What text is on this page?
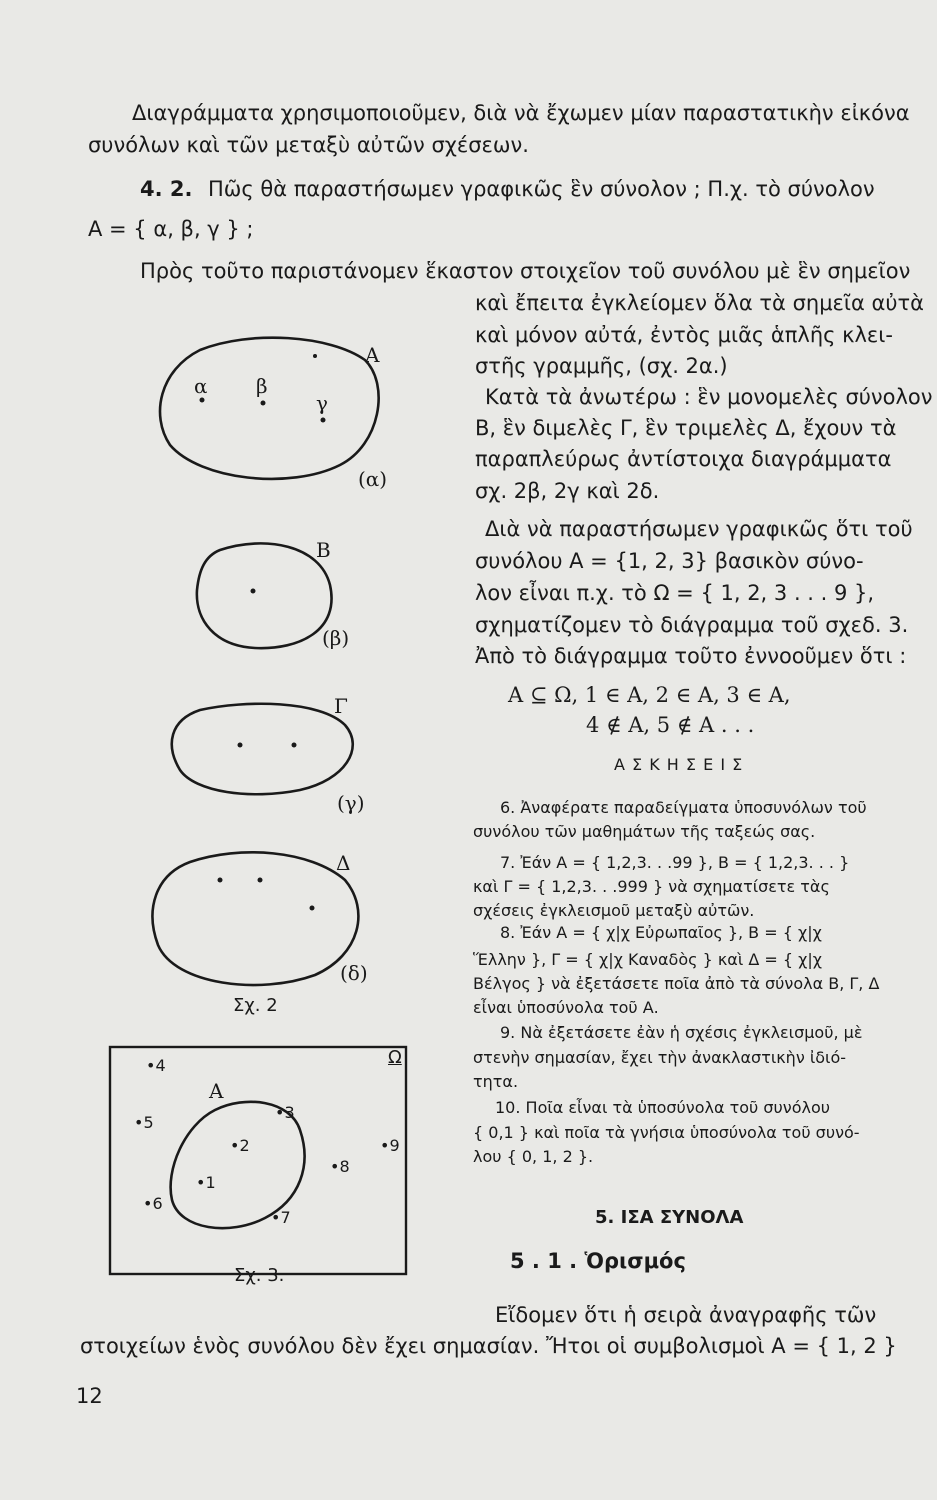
Διαγράμματα χρησιμοποιοῦμεν, διὰ νὰ ἔχωμεν μίαν παραστατικὴν εἰκόνα
συνόλων καὶ τῶν μεταξὺ αὐτῶν σχέσεων.
4. 2. Πῶς θὰ παραστήσωμεν γραφικῶς ἓν σύνολον ; Π.χ. τὸ σύνολον
Α = { α, β, γ } ;
Πρὸς τοῦτο παριστάνομεν ἕκαστον στοιχεῖον τοῦ συνόλου μὲ ἓν σημεῖον
καὶ ἔπειτα ἐγκλείομεν ὅλα τὰ σημεῖα αὐτὰ
καὶ μόνον αὐτά, ἐντὸς μιᾶς ἁπλῆς κλει-
στῆς γραμμῆς, (σχ. 2α.)
Κατὰ τὰ ἀνωτέρω : ἓν μονομελὲς σύνολον
Β, ἓν διμελὲς Γ, ἓν τριμελὲς Δ, ἔχουν τὰ
παραπλεύρως ἀντίστοιχα διαγράμματα
σχ. 2β, 2γ καὶ 2δ.
Διὰ νὰ παραστήσωμεν γραφικῶς ὅτι τοῦ
συνόλου Α = {1, 2, 3} βασικὸν σύνο-
λον εἶναι π.χ. τὸ Ω = { 1, 2, 3 . . . 9 },
σχηματίζομεν τὸ διάγραμμα τοῦ σχεδ. 3.
Ἀπὸ τὸ διάγραμμα τοῦτο ἐννοοῦμεν ὅτι :
Α ⊆ Ω, 1 ∈ Α, 2 ∈ Α, 3 ∈ Α,
4 ∉ Α, 5 ∉ Α . . .
Α Σ Κ Η Σ Ε Ι Σ
6. Ἀναφέρατε παραδείγματα ὑποσυνόλων τοῦ
συνόλου τῶν μαθημάτων τῆς ταξεώς σας.
7. Ἐάν Α = { 1,2,3. . .99 }, Β = { 1,2,3. . . }
καὶ Γ = { 1,2,3. . .999 } νὰ σχηματίσετε τὰς
σχέσεις ἐγκλεισμοῦ μεταξὺ αὐτῶν.
8. Ἐάν Α = { χ|χ Εὐρωπαῖος }, Β = { χ|χ
Ἕλλην }, Γ = { χ|χ Καναδὸς } καὶ Δ = { χ|χ
Βέλγος } νὰ ἐξετάσετε ποῖα ἀπὸ τὰ σύνολα Β, Γ, Δ
εἶναι ὑποσύνολα τοῦ Α.
9. Νὰ ἐξετάσετε ἐὰν ἡ σχέσις ἐγκλεισμοῦ, μὲ
στενὴν σημασίαν, ἔχει τὴν ἀνακλαστικὴν ἰδιό-
τητα.
10. Ποῖα εἶναι τὰ ὑποσύνολα τοῦ συνόλου
{ 0,1 } καὶ ποῖα τὰ γνήσια ὑποσύνολα τοῦ συνό-
λου { 0, 1, 2 }.
Α
α β
γ
(α)
Β
(β)
Γ
(γ)
Δ
(δ)
Σχ. 2
Ω
Α
•4
•5
•3
•2
•1
•8
•9
•6
•7
Σχ. 3.
5. ΙΣΑ ΣΥΝΟΛΑ
5 . 1 . Ὁρισμός
Εἴδομεν ὅτι ἡ σειρὰ ἀναγραφῆς τῶν
στοιχείων ἑνὸς συνόλου δὲν ἔχει σημασίαν. Ἤτοι οἱ συμβολισμοὶ Α = { 1, 2 }
12
